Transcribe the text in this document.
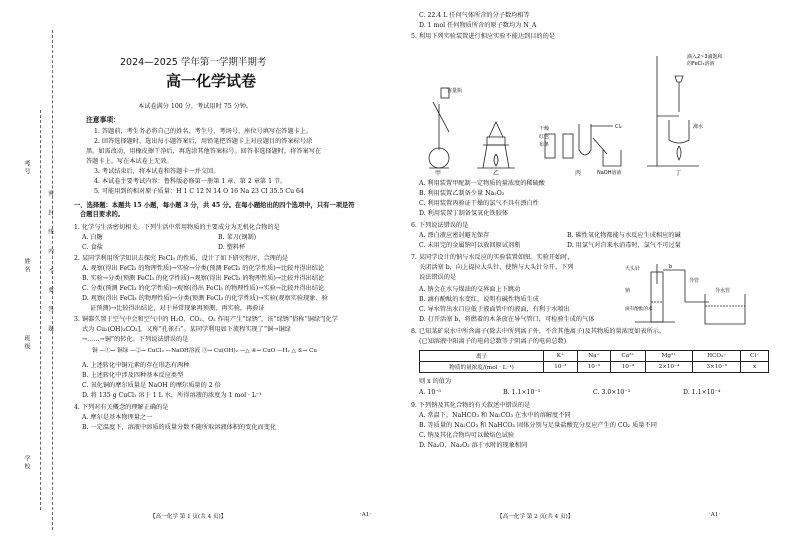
考号
姓名
班级
学校
密 封 线 内 不 要 答 题
2024—2025 学年第一学期半期考
高一化学试卷
本试卷满分 100 分，考试用时 75 分钟。
注意事项：
1. 答题前，考生务必将自己的姓名、考生号、考场号、座位号填写在答题卡上。
2. 回答选择题时，选出每小题答案后，用铅笔把答题卡上对应题目的答案标号涂
黑。如需改动，用橡皮擦干净后，再选涂其他答案标号。回答非选择题时，将答案写在
答题卡上。写在本试卷上无效。
3. 考试结束后，将本试卷和答题卡一并交回。
4. 本试卷主要考试内容：鲁科版必修第一册第 1 章、第 2 章第 1 节。
5. 可能用到的相对原子质量：H 1 C 12 N 14 O 16 Na 23 Cl 35.5 Cu 64
一、选择题：本题共 15 小题，每小题 3 分，共 45 分。在每小题给出的四个选项中，只有一项是符
合题目要求的。
1. 化学与生活密切相关。下列生活中常用物质的主要成分为无机化合物的是
A. 白糖	B. 菜刀(钢制)
C. 食盐	D. 塑料杯
2. 某同学利用所学知识去探究 FeCl₃ 的性质，设计了如下研究程序，合理的是
A. 观察(得出 FeCl₃ 的物理性质)→实验→分类(预测 FeCl₃ 的化学性质)→比较并得出结论
B. 实验→分类(预测 FeCl₃ 的化学性质)→观察(得出 FeCl₃ 的物理性质)→比较并得出结论
C. 分类(预测 FeCl₃ 的化学性质)→观察(得出 FeCl₃ 的物理性质)→实验→比较并得出结论
D. 观察(得出 FeCl₃ 的物理性质)→分类(预测 FeCl₃ 的化学性质)→实验(观察实验现象、验
证预测)→比较得出结论，对于异常现象再预测，再实验，再验证
3. 铜器久置于空气中会和空气中的 H₂O、CO₂、O₂ 作用产生“绿锈”，该“绿锈”俗称“铜绿”[化学
式为 Cu₂(OH)₂CO₃]，又称“孔雀石”。某同学利用如下流程实现了“铜→铜绿
→……→铜”的转化。下列说法错误的是
铜 —①→ 铜绿 —②→ CuCl₂ —NaOH溶液 ③→ Cu(OH)₂ —△ ④→ CuO —H₂ △ ⑤→ Cu
A. 上述转化中铜元素的存在形态有两种
B. 上述转化中涉及四种基本反应类型
C. 氧化铜的摩尔质量是 NaOH 的摩尔质量的 2 倍
D. 将 135 g CuCl₂ 溶于 1 L 水，所得溶液的浓度为 1 mol · L⁻¹
4. 下列对有关概念的理解正确的是
A. 摩尔是基本物理量之一
B. 一定温度下，溶液中溶质的质量分数不随所取溶液体积的变化而变化
【高一化学 第 1 页(共 4 页)】	·A1·
C. 22.4 L 任何气体所含的分子数均相等
D. 1 mol 任何物质所含的原子数均为 N_A
5. 利用下列实验装置进行相应实验不能达到目的的是
容量瓶
干燥
红色
布条
Cl₂
NaOH溶液
滴入2~3滴饱和
的FeCl₃溶液
沸水
甲	乙	丙	丁
A. 利用装置甲配制一定物质的量浓度的稀硫酸
B. 利用装置乙制备少量 Na₂O₂
C. 利用装置丙验证干燥的氯气不具有漂白性
D. 利用装置丁制备氢氧化铁胶体
6. 下列说法错误的是
A. 漂白液应密封避光保存	B. 碳性氧化物都能与水反应生成相应的碱
C. 未用完的金属钠可以放回原试剂瓶	D. 用氯气对自来水消毒时，氯气不可过量
7. 某同学设计的钠与水反应的实验装置如图。实验开始时，
关闭活塞 b，向上提拉大头针，使钠与大头针分开。下列
说法错误的是
大头针	b
导管
钠
滴有酚酞的水
导水管
A. 钠会在水与煤油的交界面上下跳动
B. 滴有酚酞的水变红，说明有碱性物质生成
C. 导水管出水口应低于液面管中的液面，有利于水喷出
D. 打开活塞 b，将燃着的木条放在导气管口，可检验生成的气体
8. 已知某矿泉水中所含离子(除去中所列离子外，不含其他离子)及其物质的量浓度如表所示。
(已知溶液中阳离子的电荷总数等于阴离子的电荷总数)
离子	K⁺	Na⁺	Ca²⁺	Mg²⁺	HCO₃⁻	Cl⁻
物质的量浓度/(mol · L⁻¹)	10⁻³	10⁻³	10⁻⁴	2×10⁻⁴	3×10⁻³	x
则 x 的值为
A. 10⁻⁵	B. 1.1×10⁻³	C. 3.0×10⁻³	D. 1.1×10⁻⁴
9. 下列钠及其化合物的有关叙述中错误的是
A. 常温下，NaHCO₃ 和 Na₂CO₃ 在水中的溶解度不同
B. 等质量的 Na₂CO₃ 和 NaHCO₃ 固体分别与足量盐酸充分反应产生的 CO₂ 质量不同
C. 钠及其化合物均可以做焰色试验
D. Na₂O、Na₂O₂ 溶于水时的现象相同
【高一化学 第 2 页(共 4 页)】	·A1·
